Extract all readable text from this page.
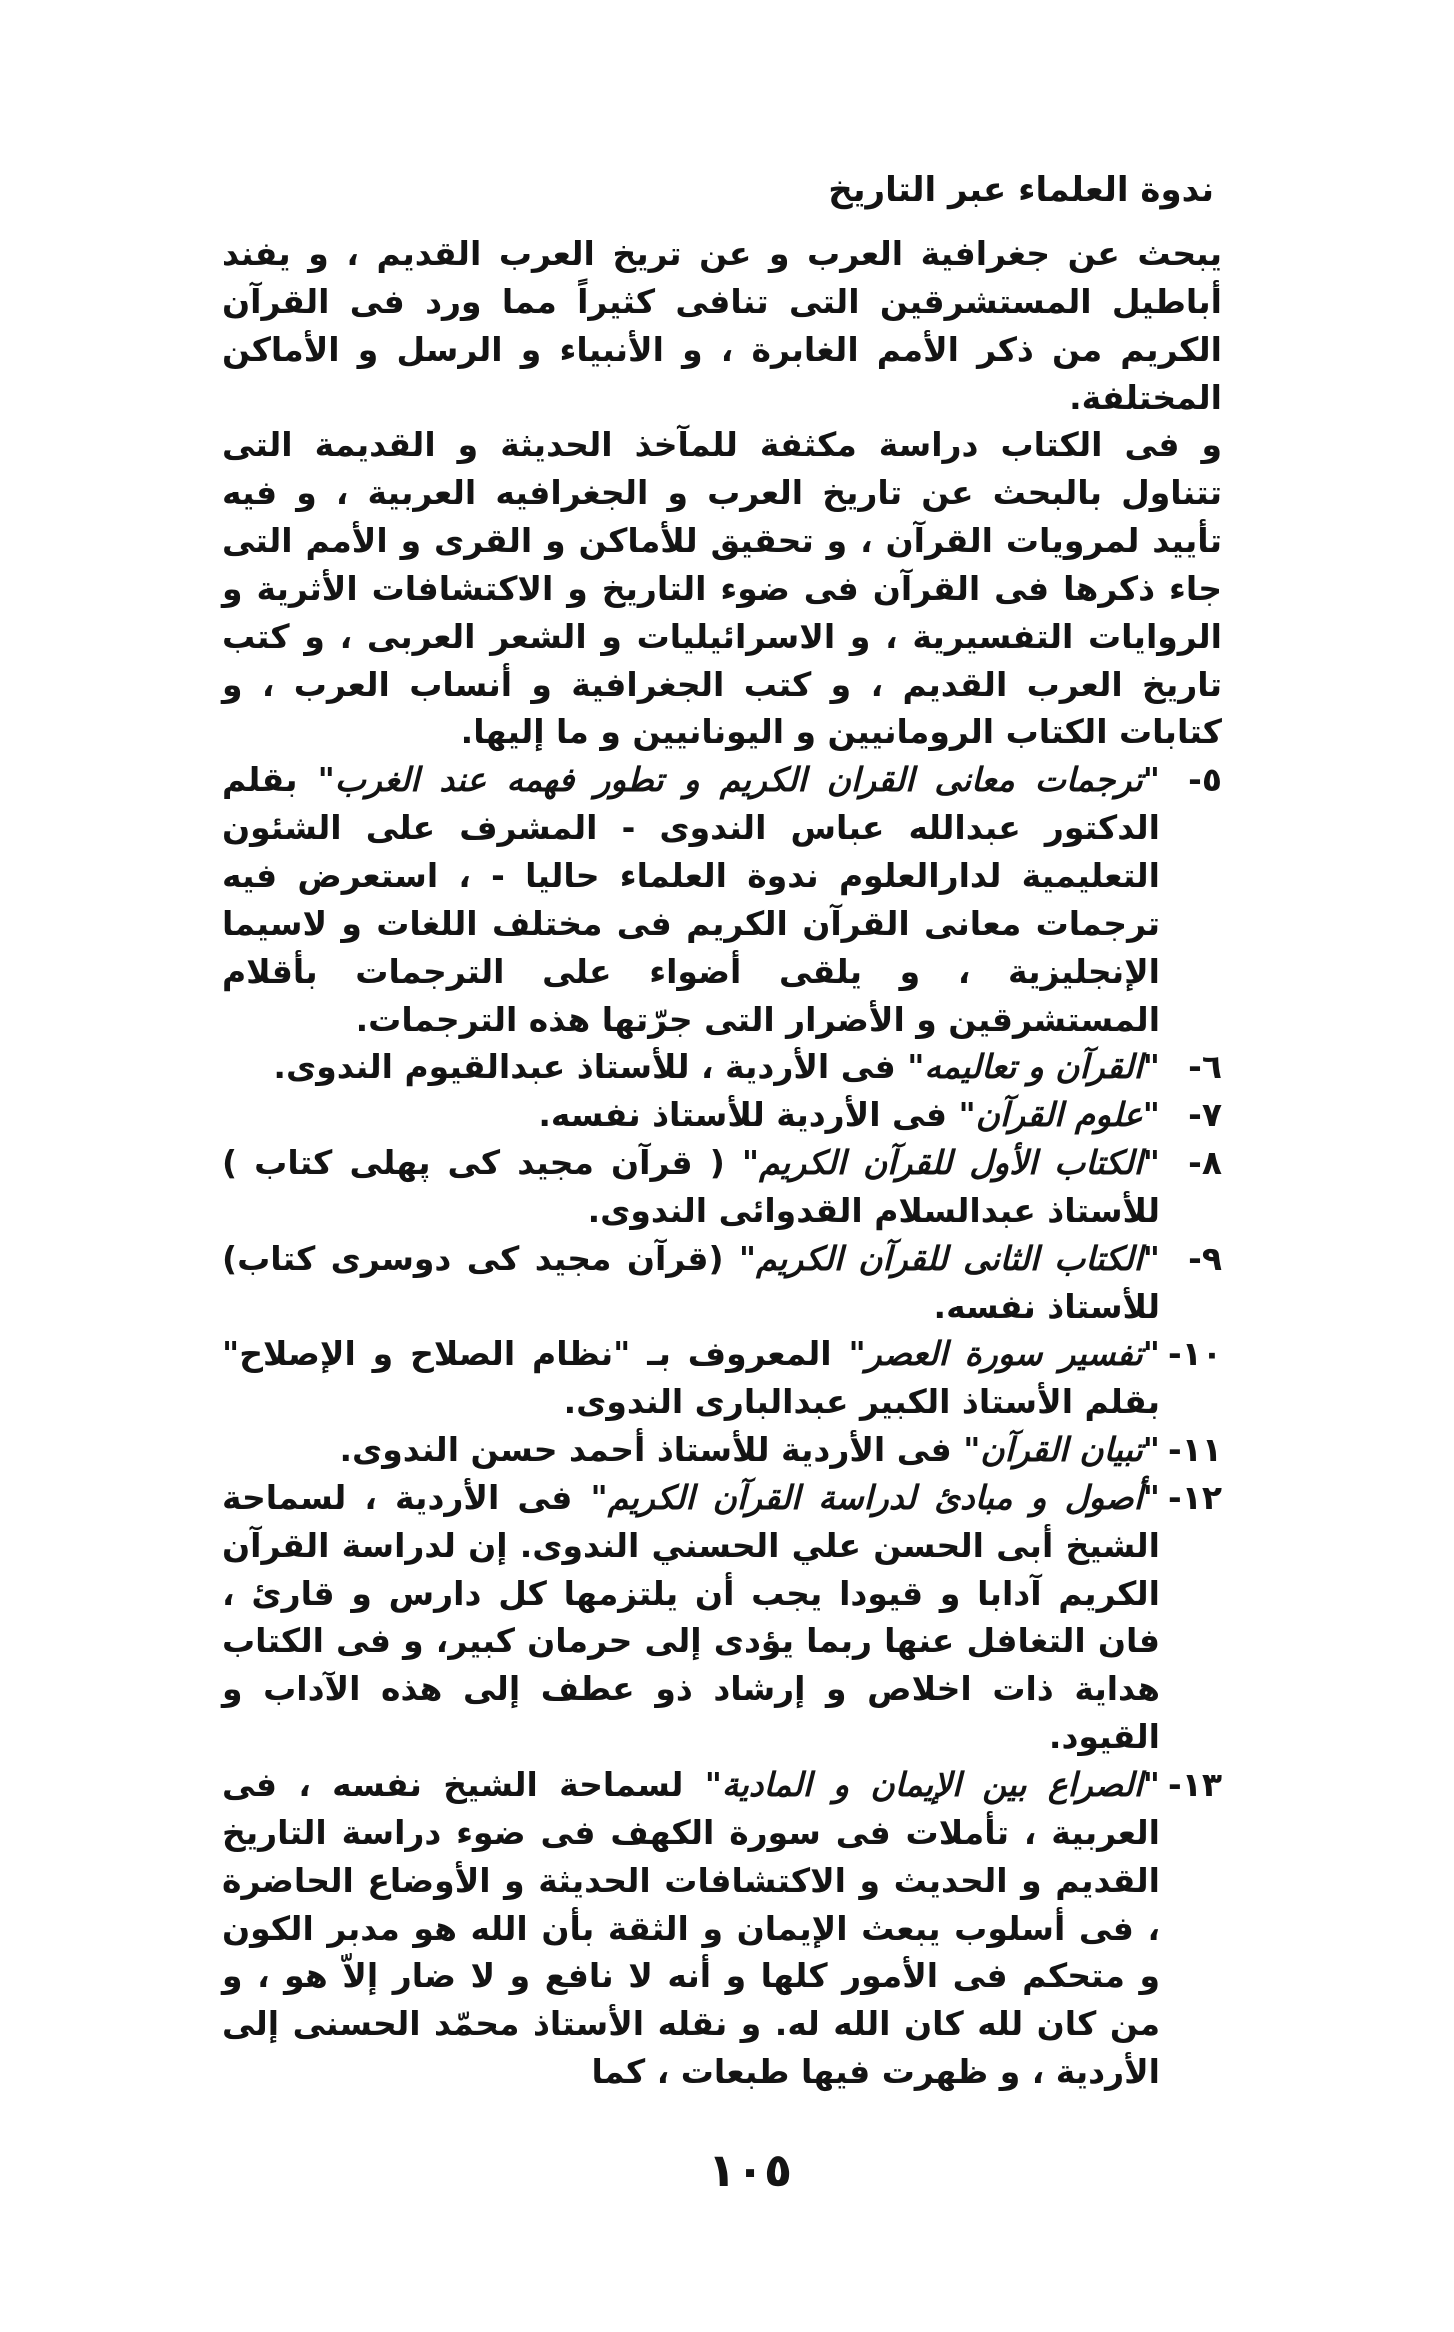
ندوة العلماء عبر التاريخ

يبحث عن جغرافية العرب و عن تريخ العرب القديم ، و يفند أباطيل المستشرقين التى تنافى كثيراً مما ورد فى القرآن الكريم من ذكر الأمم الغابرة ، و الأنبياء و الرسل و الأماكن المختلفة.

و فى الكتاب دراسة مكثفة للمآخذ الحديثة و القديمة التى تتناول بالبحث عن تاريخ العرب و الجغرافيه العربية ، و فيه تأييد لمرويات القرآن ، و تحقيق للأماكن و القرى و الأمم التى جاء ذكرها فى القرآن فى ضوء التاريخ و الاكتشافات الأثرية و الروايات التفسيرية ، و الاسرائيليات و الشعر العربى ، و كتب تاريخ العرب القديم ، و كتب الجغرافية و أنساب العرب ، و كتابات الكتاب الرومانيين و اليونانيين و ما إليها.

٥-
"ترجمات معانى القران الكريم و تطور فهمه عند الغرب" بقلم الدكتور عبدالله عباس الندوى - المشرف على الشئون التعليمية لدارالعلوم ندوة العلماء حاليا - ، استعرض فيه ترجمات معانى القرآن الكريم فى مختلف اللغات و لاسيما الإنجليزية ، و يلقى أضواء على الترجمات بأقلام المستشرقين و الأضرار التى جرّتها هذه الترجمات.
٦-
"القرآن و تعاليمه" فى الأردية ، للأستاذ عبدالقيوم الندوى.
٧-
"علوم القرآن" فى الأردية للأستاذ نفسه.
٨-
"الكتاب الأول للقرآن الكريم" ( قرآن مجيد كى پهلى كتاب ) للأستاذ عبدالسلام القدوائى الندوى.
٩-
"الكتاب الثانى للقرآن الكريم" (قرآن مجيد كى دوسرى كتاب) للأستاذ نفسه.
١٠-
"تفسير سورة العصر" المعروف بـ "نظام الصلاح و الإصلاح" بقلم الأستاذ الكبير عبدالبارى الندوى.
١١-
"تبيان القرآن" فى الأردية للأستاذ أحمد حسن الندوى.
١٢-
"أصول و مبادئ لدراسة القرآن الكريم" فى الأردية ، لسماحة الشيخ أبى الحسن علي الحسني الندوى. إن لدراسة القرآن الكريم آدابا و قيودا يجب أن يلتزمها كل دارس و قارئ ، فان التغافل عنها ربما يؤدى إلى حرمان كبير، و فى الكتاب هداية ذات اخلاص و إرشاد ذو عطف إلى هذه الآداب و القيود.
١٣-
"الصراع بين الإيمان و المادية" لسماحة الشيخ نفسه ، فى العربية ، تأملات فى سورة الكهف فى ضوء دراسة التاريخ القديم و الحديث و الاكتشافات الحديثة و الأوضاع الحاضرة ، فى أسلوب يبعث الإيمان و الثقة بأن الله هو مدبر الكون و متحكم فى الأمور كلها و أنه لا نافع و لا ضار إلاّ هو ، و من كان لله كان الله له. و نقله الأستاذ محمّد الحسنى إلى الأردية ، و ظهرت فيها طبعات ، كما
١٠٥
